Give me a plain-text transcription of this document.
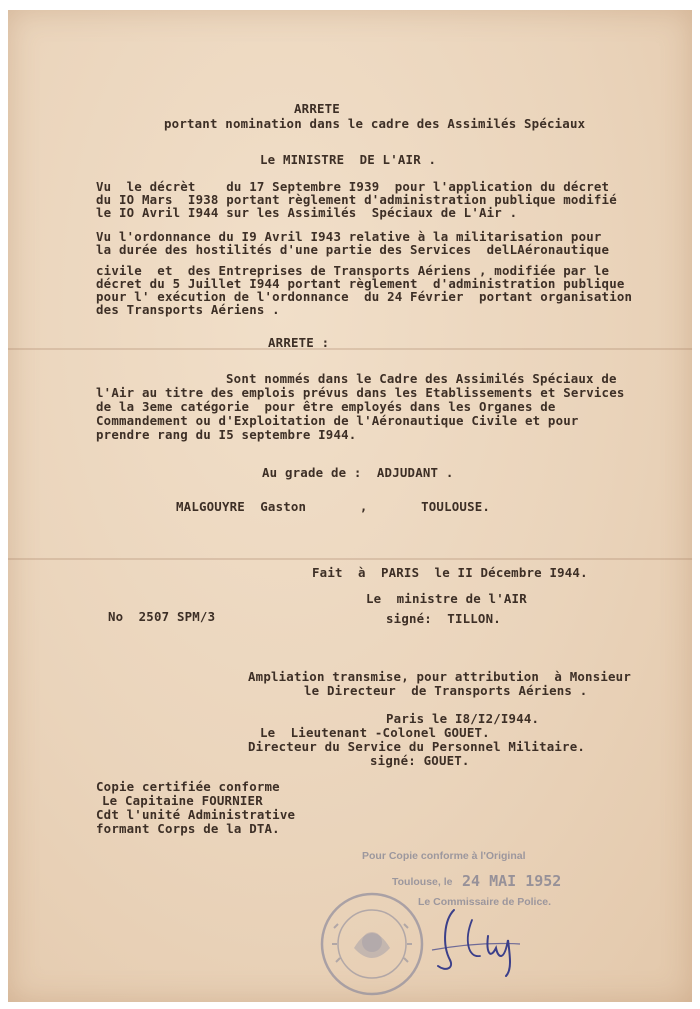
ARRETE

portant nomination dans le cadre des Assimilés Spéciaux

Le MINISTRE  DE L'AIR .

Vu  le décrèt    du 17 Septembre I939  pour l'application du décret

du IO Mars  I938 portant règlement d'administration publique modifié

le IO Avril I944 sur les Assimilés  Spéciaux de L'Air .

Vu l'ordonnance du I9 Avril I943 relative à la militarisation pour

la durée des hostilités d'une partie des Services  delLAéronautique

civile  et  des Entreprises de Transports Aériens , modifiée par le

décret du 5 Juillet I944 portant règlement  d'administration publique

pour l' exécution de l'ordonnance  du 24 Février  portant organisation

des Transports Aériens .

ARRETE :

Sont nommés dans le Cadre des Assimilés Spéciaux de

l'Air au titre des emplois prévus dans les Etablissements et Services

de la 3eme catégorie  pour être employés dans les Organes de

Commandement ou d'Exploitation de l'Aéronautique Civile et pour

prendre rang du I5 septembre I944.

Au grade de :  ADJUDANT .

MALGOUYRE  Gaston       ,       TOULOUSE.

Fait  à  PARIS  le II Décembre I944.

Le  ministre de l'AIR

No  2507 SPM/3	signé:  TILLON.

Ampliation transmise, pour attribution  à Monsieur

le Directeur  de Transports Aériens .

Paris le I8/I2/I944.

Le  Lieutenant -Colonel GOUET.

Directeur du Service du Personnel Militaire.

signé: GOUET.

Copie certifiée conforme

Le Capitaine FOURNIER

Cdt l'unité Administrative

formant Corps de la DTA.

Pour Copie conforme à l'Original

Toulouse, le 24 MAI 1952

Le Commissaire de Police.
